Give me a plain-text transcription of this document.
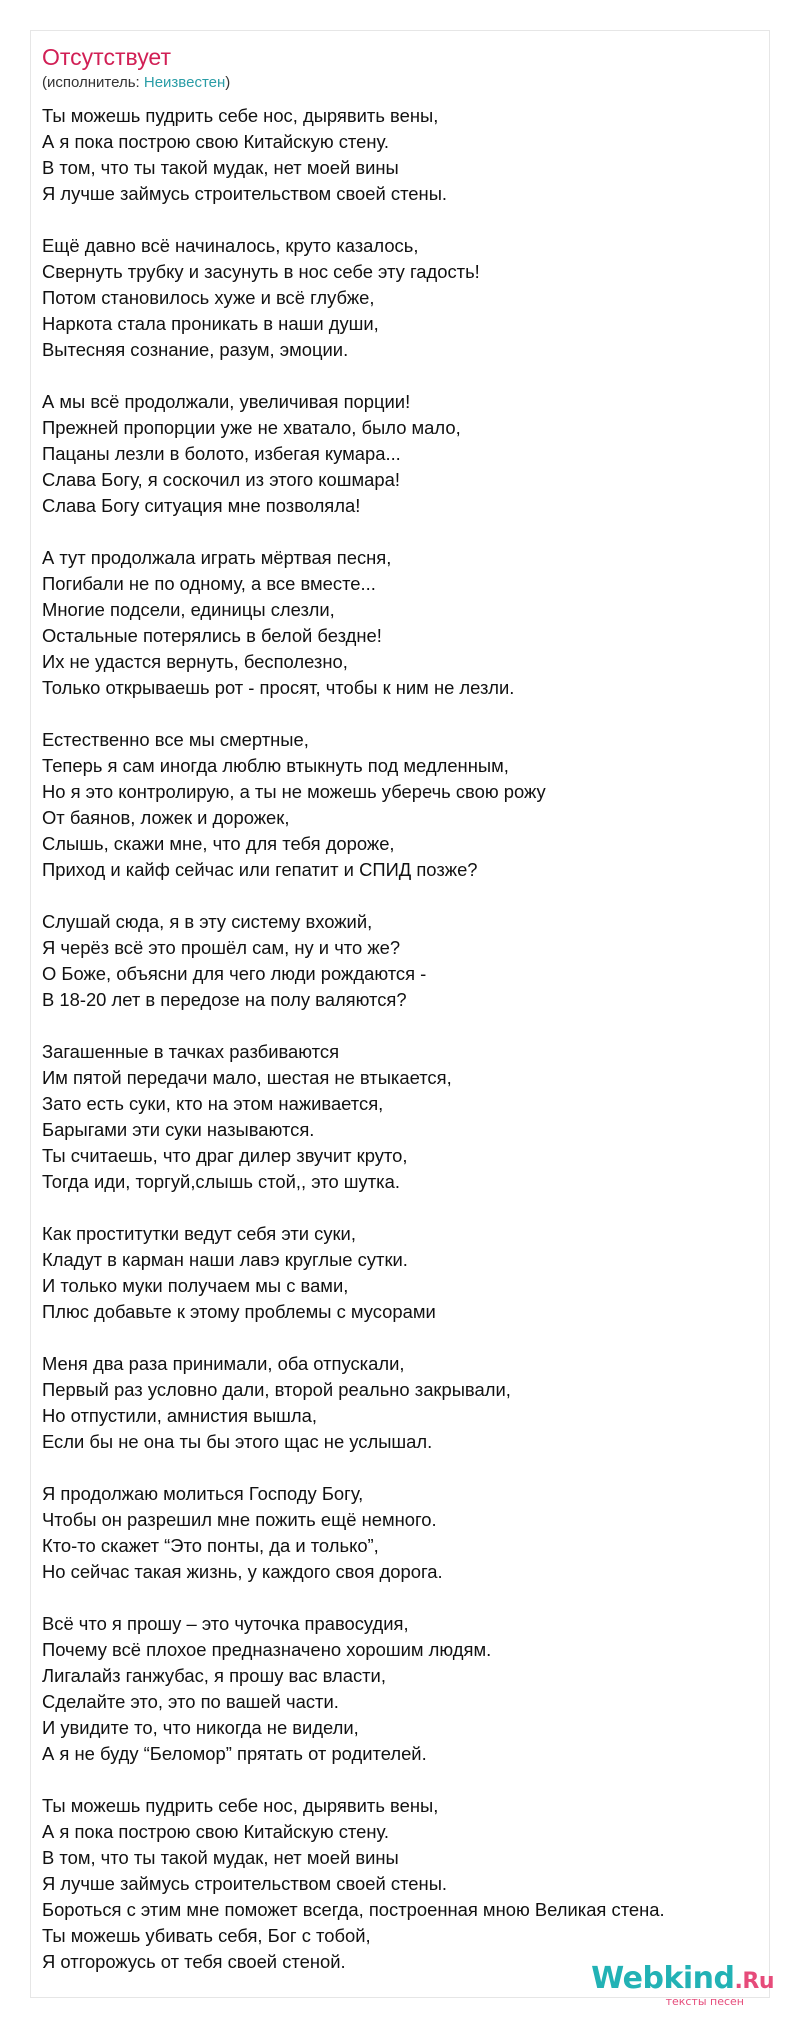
Отсутствует
(исполнитель: Неизвестен)
Ты можешь пудрить себе нос, дырявить вены,
А я пока построю свою Китайскую стену.
В том, что ты такой мудак, нет моей вины
Я лучше займусь строительством своей стены.
Ещё давно всё начиналось, круто казалось,
Свернуть трубку и засунуть в нос себе эту гадость!
Потом становилось хуже и всё глубже,
Наркота стала проникать в наши души,
Вытесняя сознание, разум, эмоции.
А мы всё продолжали, увеличивая порции!
Прежней пропорции уже не хватало, было мало,
Пацаны лезли в болото, избегая кумара...
Слава Богу, я соскочил из этого кошмара!
Слава Богу ситуация мне позволяла!
А тут продолжала играть мёртвая песня,
Погибали не по одному, а все вместе...
Многие подсели, единицы слезли,
Остальные потерялись в белой бездне!
Их не удастся вернуть, бесполезно,
Только открываешь рот - просят, чтобы к ним не лезли.
Естественно все мы смертные,
Теперь я сам иногда люблю втыкнуть под медленным,
Но я это контролирую, а ты не можешь уберечь свою рожу
От баянов, ложек и дорожек,
Слышь, скажи мне, что для тебя дороже,
Приход и кайф сейчас или гепатит и СПИД позже?
Слушай сюда, я в эту систему вхожий,
Я черёз всё это прошёл сам, ну и что же?
О Боже, объясни для чего люди рождаются -
В 18-20 лет в передозе на полу валяются?
Загашенные в тачках разбиваются
Им пятой передачи мало, шестая не втыкается,
Зато есть суки, кто на этом наживается,
Барыгами эти суки называются.
Ты считаешь, что драг дилер звучит круто,
Тогда иди, торгуй,слышь стой,, это шутка.
Как проститутки ведут себя эти суки,
Кладут в карман наши лавэ круглые сутки.
И только муки получаем мы с вами,
Плюс добавьте к этому проблемы с мусорами
Меня два раза принимали, оба отпускали,
Первый раз условно дали, второй реально закрывали,
Но отпустили, амнистия вышла,
Если бы не она ты бы этого щас не услышал.
Я продолжаю молиться Господу Богу,
Чтобы он разрешил мне пожить ещё немного.
Кто-то скажет “Это понты, да и только”,
Но сейчас такая жизнь, у каждого своя дорога.
Всё что я прошу – это чуточка правосудия,
Почему всё плохое предназначено хорошим людям.
Лигалайз ганжубас, я прошу вас власти,
Сделайте это, это по вашей части.
И увидите то, что никогда не видели,
А я не буду “Беломор” прятать от родителей.
Ты можешь пудрить себе нос, дырявить вены,
А я пока построю свою Китайскую стену.
В том, что ты такой мудак, нет моей вины
Я лучше займусь строительством своей стены.
Бороться с этим мне поможет всегда, построенная мною Великая стена.
Ты можешь убивать себя, Бог с тобой,
Я отгорожусь от тебя своей стеной.	Webkind.Ru
тексты песен
